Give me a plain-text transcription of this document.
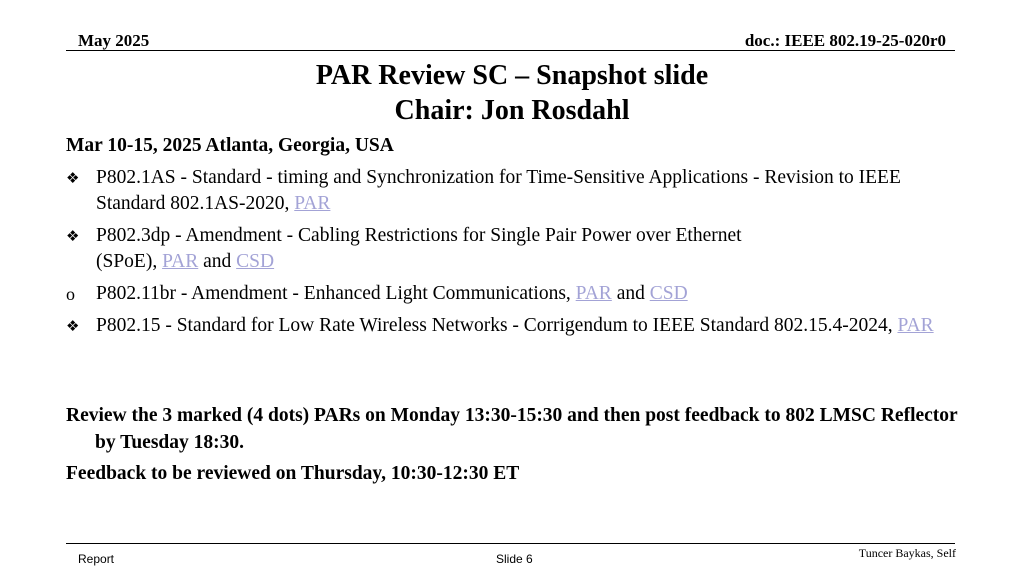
May 2025	doc.: IEEE 802.19-25-020r0
PAR Review SC – Snapshot slide
Chair: Jon Rosdahl
Mar 10-15, 2025 Atlanta, Georgia, USA
❖ P802.1AS - Standard - timing and Synchronization for Time-Sensitive Applications - Revision to IEEE Standard 802.1AS-2020, PAR
❖ P802.3dp - Amendment - Cabling Restrictions for Single Pair Power over Ethernet
(SPoE), PAR and CSD
o	P802.11br - Amendment - Enhanced Light Communications, PAR and CSD
❖ P802.15 - Standard for Low Rate Wireless Networks - Corrigendum to IEEE Standard 802.15.4-2024, PAR
Review the 3 marked (4 dots) PARs on Monday 13:30-15:30 and then post feedback to 802 LMSC Reflector by Tuesday 18:30.
Feedback to be reviewed on Thursday, 10:30-12:30 ET
Report	Slide 6	Tuncer Baykas, Self
